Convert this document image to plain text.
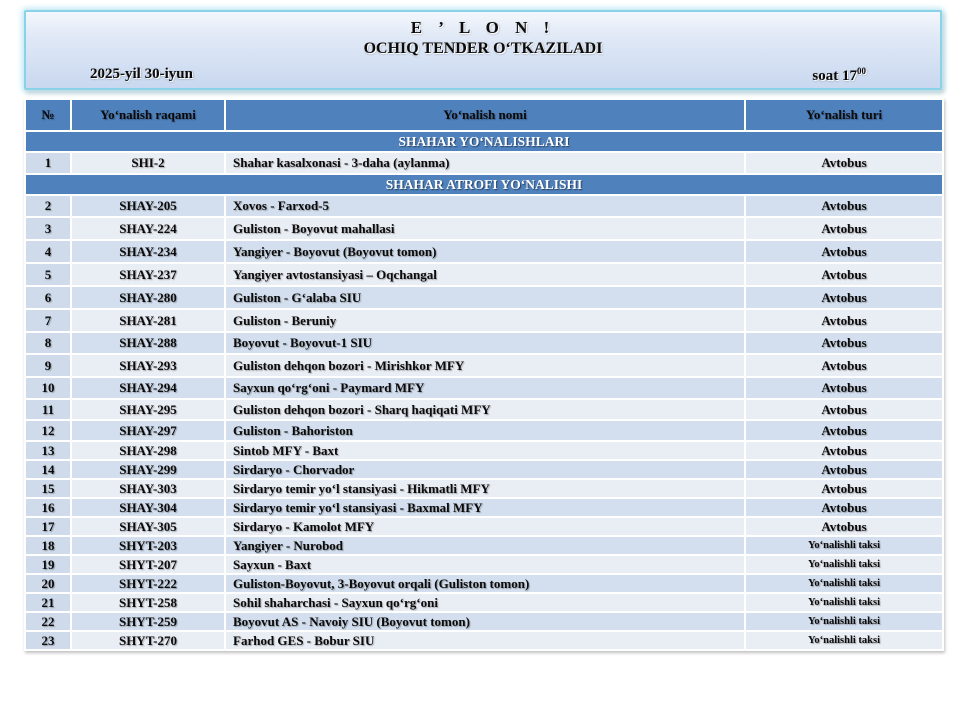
E ’ L O N !
OCHIQ TENDER O‘TKAZILADI
2025-yil 30-iyun	soat $17^{00}$
№	Yo‘nalish raqami	Yo‘nalish nomi	Yo‘nalish turi
SHAHAR YO‘NALISHLARI			
1	SHI-2	Shahar kasalxonasi - 3-daha (aylanma)	Avtobus
SHAHAR ATROFI YO‘NALISHI			
2	SHAY-205	Xovos - Farxod-5	Avtobus
3	SHAY-224	Guliston - Boyovut mahallasi	Avtobus
4	SHAY-234	Yangiyer - Boyovut (Boyovut tomon)	Avtobus
5	SHAY-237	Yangiyer avtostansiyasi – Oqchangal	Avtobus
6	SHAY-280	Guliston - G‘alaba SIU	Avtobus
7	SHAY-281	Guliston - Beruniy	Avtobus
8	SHAY-288	Boyovut - Boyovut-1 SIU	Avtobus
9	SHAY-293	Guliston dehqon bozori - Mirishkor MFY	Avtobus
10	SHAY-294	Sayxun qo‘rg‘oni - Paymard MFY	Avtobus
11	SHAY-295	Guliston dehqon bozori - Sharq haqiqati MFY	Avtobus
12	SHAY-297	Guliston - Bahoriston	Avtobus
13	SHAY-298	Sintob MFY - Baxt	Avtobus
14	SHAY-299	Sirdaryo - Chorvador	Avtobus
15	SHAY-303	Sirdaryo temir yo‘l stansiyasi - Hikmatli MFY	Avtobus
16	SHAY-304	Sirdaryo temir yo‘l stansiyasi - Baxmal MFY	Avtobus
17	SHAY-305	Sirdaryo - Kamolot MFY	Avtobus
18	SHYT-203	Yangiyer - Nurobod	Yo‘nalishli taksi
19	SHYT-207	Sayxun - Baxt	Yo‘nalishli taksi
20	SHYT-222	Guliston-Boyovut, 3-Boyovut orqali (Guliston tomon)	Yo‘nalishli taksi
21	SHYT-258	Sohil shaharchasi - Sayxun qo‘rg‘oni	Yo‘nalishli taksi
22	SHYT-259	Boyovut AS - Navoiy SIU (Boyovut tomon)	Yo‘nalishli taksi
23	SHYT-270	Farhod GES - Bobur SIU	Yo‘nalishli taksi
